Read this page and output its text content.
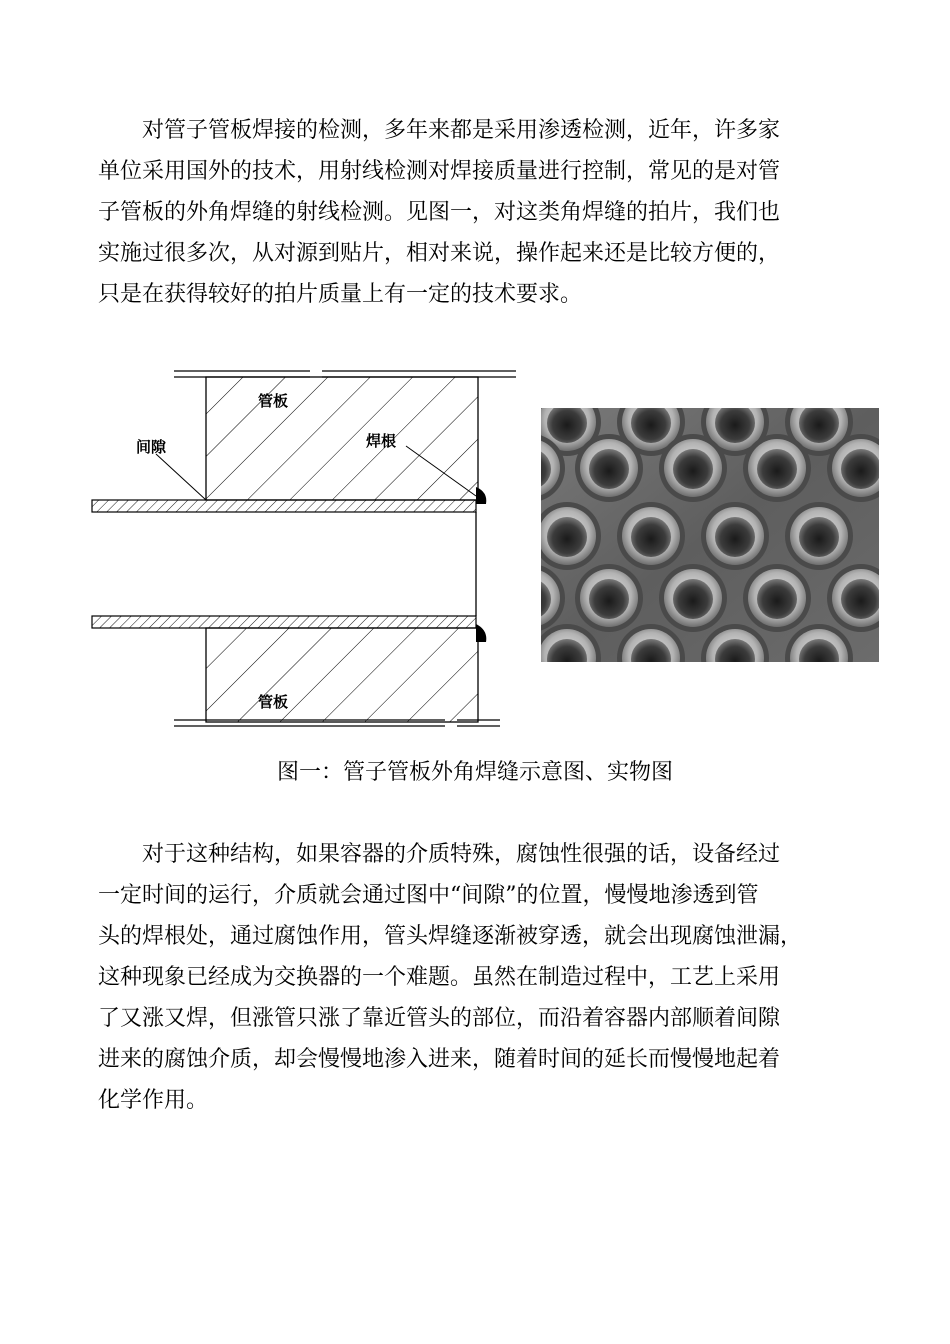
对管子管板焊接的检测，多年来都是采用渗透检测，近年，许多家
单位采用国外的技术，用射线检测对焊接质量进行控制，常见的是对管
子管板的外角焊缝的射线检测。见图一，对这类角焊缝的拍片，我们也
实施过很多次，从对源到贴片，相对来说，操作起来还是比较方便的，
只是在获得较好的拍片质量上有一定的技术要求。
管板
间隙	焊根
管板

图一：管子管板外角焊缝示意图、实物图

对于这种结构，如果容器的介质特殊，腐蚀性很强的话，设备经过
一定时间的运行，介质就会通过图中“间隙”的位置，慢慢地渗透到管
头的焊根处，通过腐蚀作用，管头焊缝逐渐被穿透，就会出现腐蚀泄漏，
这种现象已经成为交换器的一个难题。虽然在制造过程中，工艺上采用
了又涨又焊，但涨管只涨了靠近管头的部位，而沿着容器内部顺着间隙
进来的腐蚀介质，却会慢慢地渗入进来，随着时间的延长而慢慢地起着
化学作用。
